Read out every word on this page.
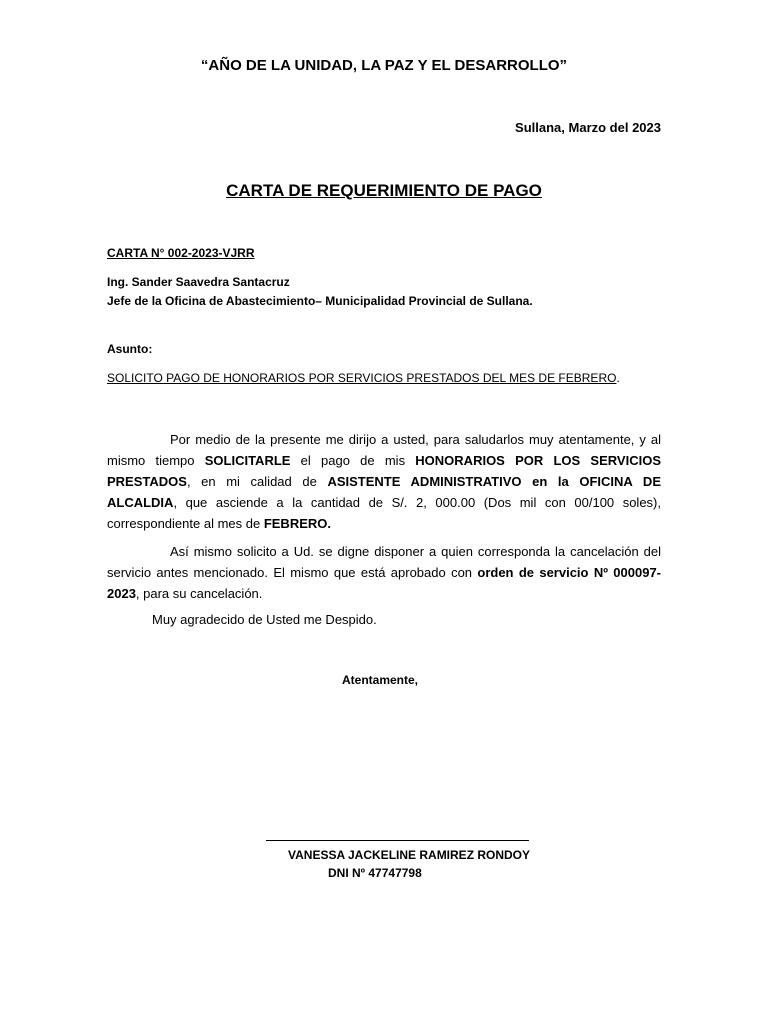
“AÑO DE LA UNIDAD, LA PAZ Y EL DESARROLLO”
Sullana, Marzo del 2023
CARTA DE REQUERIMIENTO DE PAGO
CARTA N° 002-2023-VJRR
Ing. Sander Saavedra Santacruz
Jefe de la Oficina de Abastecimiento– Municipalidad Provincial de Sullana.
Asunto:
SOLICITO PAGO DE HONORARIOS POR SERVICIOS PRESTADOS DEL MES DE FEBRERO.
Por medio de la presente me dirijo a usted, para saludarlos muy atentamente, y al mismo tiempo SOLICITARLE el pago de mis HONORARIOS POR LOS SERVICIOS PRESTADOS, en mi calidad de ASISTENTE ADMINISTRATIVO en la OFICINA DE ALCALDIA, que asciende a la cantidad de S/. 2, 000.00 (Dos mil con 00/100 soles), correspondiente al mes de FEBRERO.
Así mismo solicito a Ud. se digne disponer a quien corresponda la cancelación del servicio antes mencionado. El mismo que está aprobado con orden de servicio Nº 000097-2023, para su cancelación.
Muy agradecido de Usted me Despido.
Atentamente,
VANESSA JACKELINE RAMIREZ RONDOY
DNI Nº 47747798
